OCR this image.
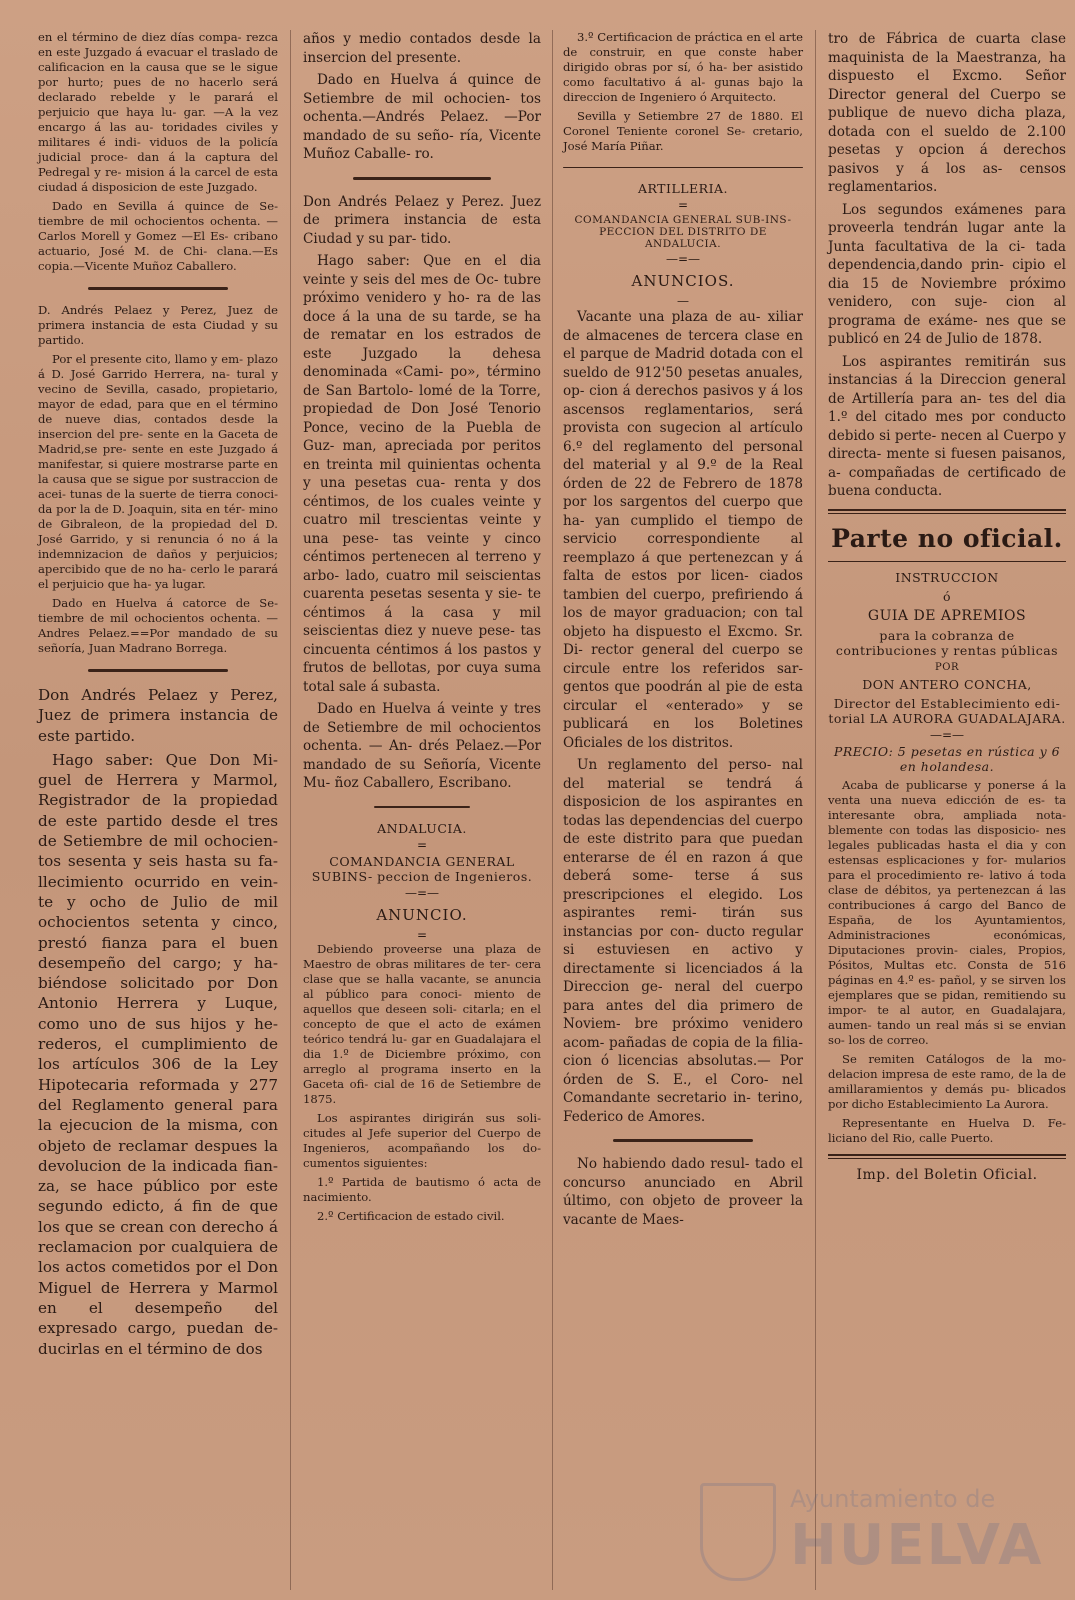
en el término de diez días compa- rezca en este Juzgado á evacuar el traslado de calificacion en la causa que se le sigue por hurto; pues de no hacerlo será declarado rebelde y le parará el perjuicio que haya lu- gar. —A la vez encargo á las au- toridades civiles y militares é indi- viduos de la policía judicial proce- dan á la captura del Pedregal y re- mision á la carcel de esta ciudad á disposicion de este Juzgado.

Dado en Sevilla á quince de Se- tiembre de mil ochocientos ochenta. —Carlos Morell y Gomez —El Es- cribano actuario, José M. de Chi- clana.—Es copia.—Vicente Muñoz Caballero.

D. Andrés Pelaez y Perez, Juez de primera instancia de esta Ciudad y su partido.

Por el presente cito, llamo y em- plazo á D. José Garrido Herrera, na- tural y vecino de Sevilla, casado, propietario, mayor de edad, para que en el término de nueve dias, contados desde la insercion del pre- sente en la Gaceta de Madrid,se pre- sente en este Juzgado á manifestar, si quiere mostrarse parte en la causa que se sigue por sustraccion de acei- tunas de la suerte de tierra conoci- da por la de D. Joaquin, sita en tér- mino de Gibraleon, de la propiedad del D. José Garrido, y si renuncia ó no á la indemnizacion de daños y perjuicios; apercibido que de no ha- cerlo le parará el perjuicio que ha- ya lugar.

Dado en Huelva á catorce de Se- tiembre de mil ochocientos ochenta. —Andres Pelaez.==Por mandado de su señoría, Juan Madrano Borrega.

Don Andrés Pelaez y Perez, Juez de primera instancia de este partido.

Hago saber: Que Don Mi- guel de Herrera y Marmol, Registrador de la propiedad de este partido desde el tres de Setiembre de mil ochocien- tos sesenta y seis hasta su fa- llecimiento ocurrido en vein- te y ocho de Julio de mil ochocientos setenta y cinco, prestó fianza para el buen desempeño del cargo; y ha- biéndose solicitado por Don Antonio Herrera y Luque, como uno de sus hijos y he- rederos, el cumplimiento de los artículos 306 de la Ley Hipotecaria reformada y 277 del Reglamento general para la ejecucion de la misma, con objeto de reclamar despues la devolucion de la indicada fian- za, se hace público por este segundo edicto, á fin de que los que se crean con derecho á reclamacion por cualquiera de los actos cometidos por el Don Miguel de Herrera y Marmol en el desempeño del expresado cargo, puedan de- ducirlas en el término de dos

años y medio contados desde la insercion del presente.

Dado en Huelva á quince de Setiembre de mil ochocien- tos ochenta.—Andrés Pelaez. —Por mandado de su seño- ría, Vicente Muñoz Caballe- ro.

Don Andrés Pelaez y Perez. Juez de primera instancia de esta Ciudad y su par- tido.

Hago saber: Que en el dia veinte y seis del mes de Oc- tubre próximo venidero y ho- ra de las doce á la una de su tarde, se ha de rematar en los estrados de este Juzgado la dehesa denominada «Cami- po», término de San Bartolo- lomé de la Torre, propiedad de Don José Tenorio Ponce, vecino de la Puebla de Guz- man, apreciada por peritos en treinta mil quinientas ochenta y una pesetas cua- renta y dos céntimos, de los cuales veinte y cuatro mil trescientas veinte y una pese- tas veinte y cinco céntimos pertenecen al terreno y arbo- lado, cuatro mil seiscientas cuarenta pesetas sesenta y sie- te céntimos á la casa y mil seiscientas diez y nueve pese- tas cincuenta céntimos á los pastos y frutos de bellotas, por cuya suma total sale á subasta.

Dado en Huelva á veinte y tres de Setiembre de mil ochocientos ochenta. — An- drés Pelaez.—Por mandado de su Señoría, Vicente Mu- ñoz Caballero, Escribano.

ANDALUCIA.
=
COMANDANCIA GENERAL SUBINS- peccion de Ingenieros.
—=—
ANUNCIO.
=

Debiendo proveerse una plaza de Maestro de obras militares de ter- cera clase que se halla vacante, se anuncia al público para conoci- miento de aquellos que deseen soli- citarla; en el concepto de que el acto de exámen teórico tendrá lu- gar en Guadalajara el dia 1.º de Diciembre próximo, con arreglo al programa inserto en la Gaceta ofi- cial de 16 de Setiembre de 1875.

Los aspirantes dirigirán sus soli- citudes al Jefe superior del Cuerpo de Ingenieros, acompañando los do- cumentos siguientes:

1.º Partida de bautismo ó acta de nacimiento.

2.º Certificacion de estado civil.

3.º Certificacion de práctica en el arte de construir, en que conste haber dirigido obras por sí, ó ha- ber asistido como facultativo á al- gunas bajo la direccion de Ingeniero ó Arquitecto.

Sevilla y Setiembre 27 de 1880. El Coronel Teniente coronel Se- cretario, José María Piñar.

ARTILLERIA.
=
COMANDANCIA GENERAL SUB-INS- PECCION DEL DISTRITO DE ANDALUCIA.
—=—
ANUNCIOS.
—

Vacante una plaza de au- xiliar de almacenes de tercera clase en el parque de Madrid dotada con el sueldo de 912'50 pesetas anuales, op- cion á derechos pasivos y á los ascensos reglamentarios, será provista con sugecion al artículo 6.º del reglamento del personal del material y al 9.º de la Real órden de 22 de Febrero de 1878 por los sargentos del cuerpo que ha- yan cumplido el tiempo de servicio correspondiente al reemplazo á que pertenezcan y á falta de estos por licen- ciados tambien del cuerpo, prefiriendo á los de mayor graduacion; con tal objeto ha dispuesto el Excmo. Sr. Di- rector general del cuerpo se circule entre los referidos sar- gentos que poodrán al pie de esta circular el «enterado» y se publicará en los Boletines Oficiales de los distritos.

Un reglamento del perso- nal del material se tendrá á disposicion de los aspirantes en todas las dependencias del cuerpo de este distrito para que puedan enterarse de él en razon á que deberá some- terse á sus prescripciones el elegido. Los aspirantes remi- tirán sus instancias por con- ducto regular si estuviesen en activo y directamente si licenciados á la Direccion ge- neral del cuerpo para antes del dia primero de Noviem- bre próximo venidero acom- pañadas de copia de la filia- cion ó licencias absolutas.— Por órden de S. E., el Coro- nel Comandante secretario in- terino, Federico de Amores.

No habiendo dado resul- tado el concurso anunciado en Abril último, con objeto de proveer la vacante de Maes-

tro de Fábrica de cuarta clase maquinista de la Maestranza, ha dispuesto el Excmo. Señor Director general del Cuerpo se publique de nuevo dicha plaza, dotada con el sueldo de 2.100 pesetas y opcion á derechos pasivos y á los as- censos reglamentarios.

Los segundos exámenes para proveerla tendrán lugar ante la Junta facultativa de la ci- tada dependencia,dando prin- cipio el dia 15 de Noviembre próximo venidero, con suje- cion al programa de exáme- nes que se publicó en 24 de Julio de 1878.

Los aspirantes remitirán sus instancias á la Direccion general de Artillería para an- tes del dia 1.º del citado mes por conducto debido si perte- necen al Cuerpo y directa- mente si fuesen paisanos, a- compañadas de certificado de buena conducta.

Parte no oficial.
INSTRUCCION
ó
GUIA DE APREMIOS
para la cobranza de contribuciones y rentas públicas
POR
DON ANTERO CONCHA,
Director del Establecimiento edi- torial LA AURORA GUADALAJARA.
—=—
PRECIO: 5 pesetas en rústica y 6 en holandesa.

Acaba de publicarse y ponerse á la venta una nueva edicción de es- ta interesante obra, ampliada nota- blemente con todas las disposicio- nes legales publicadas hasta el dia y con estensas esplicaciones y for- mularios para el procedimiento re- lativo á toda clase de débitos, ya pertenezcan á las contribuciones á cargo del Banco de España, de los Ayuntamientos, Administraciones económicas, Diputaciones provin- ciales, Propios, Pósitos, Multas etc. Consta de 516 páginas en 4.º es- pañol, y se sirven los ejemplares que se pidan, remitiendo su impor- te al autor, en Guadalajara, aumen- tando un real más si se envian so- los de correo.

Se remiten Catálogos de la mo- delacion impresa de este ramo, de la de amillaramientos y demás pu- blicados por dicho Establecimiento La Aurora.

Representante en Huelva D. Fe- liciano del Rio, calle Puerto.

Imp. del Boletin Oficial.
Ayuntamiento de
HUELVA
